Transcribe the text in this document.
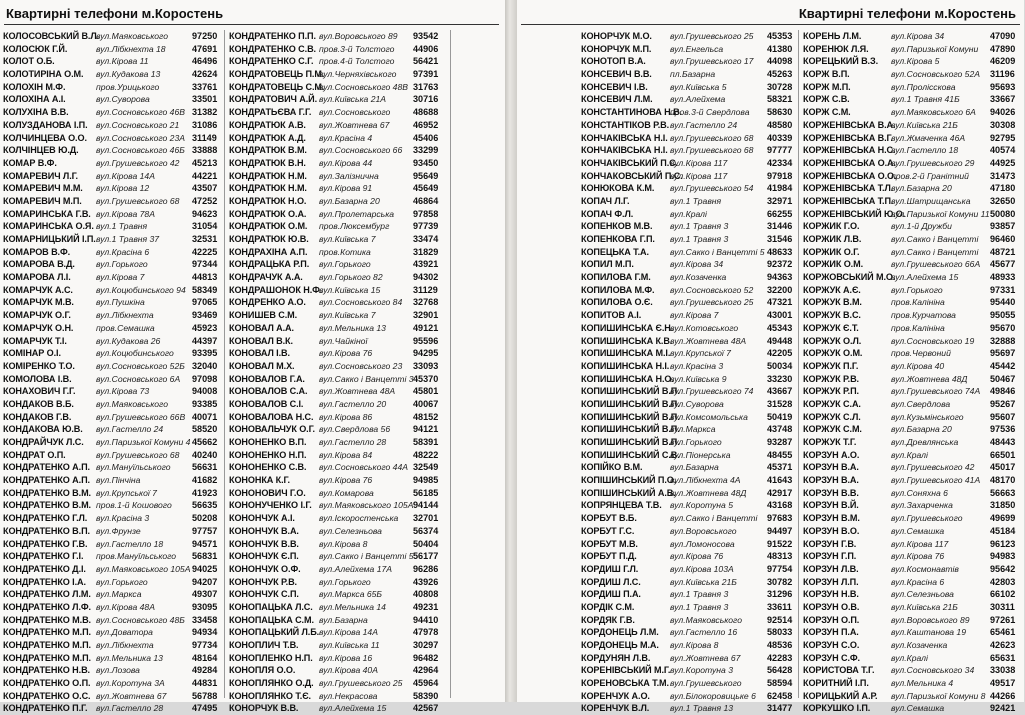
Квартирні телефони м.Коростень
КОЛОСОВСЬКИЙ В.Л.
вул.Маяковського	97250
КОЛОСЮК Г.Й.	вул.Лібкнехта 18	47691
КОЛОТ О.Б.	вул.Кірова 11	46496
КОЛОТИРІНА О.М. вул.Кудакова 13	42624
КОЛОХІН М.Ф.	пров.Урицького	33761
КОЛОХІНА А.І.	вул.Суворова	33501
КОЛУХІНА В.В.	вул.Сосновського 46В 31382
КОЛУЗДАНОВА І.П. вул.Сосновського 21 31086
КОЛЧИНЦЕВА О.О. вул.Сосновського 23А 31149
КОЛЧІНЦЕВ Ю.Д. вул.Сосновського 46Б 33888
КОМАР В.Ф.	вул.Грушевського 42 45213
КОМАРЕВИЧ Л.Г. вул.Кірова 14А	44221
КОМАРЕВИЧ М.М. вул.Кірова 12	43507
КОМАРЕВИЧ М.П. вул.Грушевського 68 47252
КОМАРИНСЬКА Г.В. вул.Кірова 78А	94623
КОМАРИНСЬКА О.Я. вул.1 Травня	31054
КОМАРНИЦЬКИЙ І.П. вул.1 Травня 37	32531
КОМАРОВ В.Ф.	вул.Красіна 6	42225
КОМАРОВА В.Д. вул.Горького	97344
КОМАРОВА Л.І.	вул.Кірова 7	44813
КОМАРЧУК А.С.	вул.Коцюбинського 94 58349
КОМАРЧУК М.В.	вул.Пушкіна	97065
КОМАРЧУК О.Г.	вул.Лібкнехта	93469
КОМАРЧУК О.Н.	пров.Семашка	45923
КОМАРЧУК Т.І.	вул.Кудакова 26	44397
КОМІНАР О.І.	вул.Коцюбинського 93395
КОМІРЕНКО Т.О. вул.Сосновського 52Б 32040
КОМОЛОВА І.В.	вул.Сосновського 6А 97098
КОНАХОВИЧ Г.Г. вул.Кірова 73	94008
КОНДАКОВ В.Б.	вул.Маяковського	93385
КОНДАКОВ Г.В.	вул.Грушевського 66В 40071
КОНДАКОВА Ю.В. вул.Гастелло 24	58520
КОНДРАЙЧУК Л.С. вул.Паризької Комуни 4 45662
КОНДРАТ О.П.	вул.Грушевського 68 40240
КОНДРАТЕНКО А.П. вул.Мануїльського 56631
КОНДРАТЕНКО А.П. вул.Пінчіна	41682
КОНДРАТЕНКО В.М. вул.Крупської 7	41923
КОНДРАТЕНКО В.М. пров.1-й Кошового 56635
КОНДРАТЕНКО Г.Л. вул.Красіна 3	50208
КОНДРАТЕНКО В.П. вул.Фрунзе	97757
КОНДРАТЕНКО Г.В. вул.Гастелло 18	94571
КОНДРАТЕНКО Г.І. пров.Мануїльського 56831
КОНДРАТЕНКО Д.І. вул.Маяковського 105А 94025
КОНДРАТЕНКО І.А. вул.Горького	94207
КОНДРАТЕНКО Л.М. вул.Маркса	49307
КОНДРАТЕНКО Л.Ф. вул.Кірова 48А	93095
КОНДРАТЕНКО М.В. вул.Сосновського 48Б 33458
КОНДРАТЕНКО М.П. вул.Доватора	94934
КОНДРАТЕНКО М.П. вул.Лібкнехта	97734
КОНДРАТЕНКО М.П. вул.Мельника 13	48164
КОНДРАТЕНКО Н.В. вул.Лозова	49284
КОНДРАТЕНКО О.П. вул.Коротуна 3А	44831
КОНДРАТЕНКО О.С. вул.Жовтнева 67	56788
КОНДРАТЕНКО П.Г. вул.Гастелло 28	47495
КОНДРАТЕНКО П.П. вул.Воровського 89 93542
КОНДРАТЕНКО С.В. пров.3-й Толстого 44906
КОНДРАТЕНКО С.Г. пров.4-й Толстого 56421
КОНДРАТОВЕЦЬ П.М.
вул.Черняхівського 97391
КОНДРАТОВЕЦЬ С.М.
вул.Сосновського 48В 31763
КОНДРАТОВИЧ А.Й. вул.Київська 21А	30716
КОНДРАТЬЄВА Г.Г. вул.Сосновського 48688
КОНДРАТЮК А.В. вул.Жовтнева 67	46952
КОНДРАТЮК А.Д. вул.Красіна 4	45406
КОНДРАТЮК В.М. вул.Сосновського 66 33299
КОНДРАТЮК В.Н. вул.Кірова 44	93450
КОНДРАТЮК Н.М. вул.Залізнична	95649
КОНДРАТЮК Н.М. вул.Кірова 91	45649
КОНДРАТЮК Н.О. вул.Базарна 20	46864
КОНДРАТЮК О.А. вул.Пролетарська 97858
КОНДРАТЮК О.М. пров.Люксембург	97739
КОНДРАТЮК Ю.В. вул.Київська 7	33474
КОНДРАХІНА А.П. пров.Котика	31829
КОНДРАЦЬКА Р.П. вул.Горького	43921
КОНДРАЧУК А.А. вул.Горького 82	94302
КОНДРАШОНОК Н.Ф.
вул.Київська 15	31129
КОНДРЕНКО А.О. вул.Сосновського 84 32768
КОНИШЕВ С.М.	вул.Київська 7	32901
КОНОВАЛ А.А.	вул.Мельника 13	49121
КОНОВАЛ В.К.	вул.Чайкіної	95596
КОНОВАЛ І.В.	вул.Кірова 76	94295
КОНОВАЛ М.Х.	вул.Сосновського 23 33093
КОНОВАЛОВ Г.А. вул.Сакко і Ванцетті 3 45370
КОНОВАЛОВ С.А. вул.Жовтнева 48А 45801
КОНОВАЛОВ С.І. вул.Гастелло 20	40067
КОНОВАЛОВА Н.С. вул.Кірова 86	48152
КОНОВАЛЬЧУК О.Г. вул.Свердлова 56	94121
КОНОНЕНКО В.П. вул.Гастелло 28	58391
КОНОНЕНКО Н.П. вул.Кірова 84	48222
КОНОНЕНКО С.В. вул.Сосновського 44А 32549
КОНОНКА К.Г.	вул.Кірова 76	94985
КОНОНОВИЧ Г.О. вул.Комарова	56185
КОНОНУЧЕНКО І.Г. вул.Маяковського 105А 94144
КОНОНЧУК А.І.	вул.Іскоростенська 32701
КОНОНЧУК В.А. вул.Селезньова	56374
КОНОНЧУК В.В. вул.Кірова 8	50404
КОНОНЧУК Є.П. вул.Сакко і Ванцетті 5 56177
КОНОНЧУК О.Ф. вул.Алейхема 17А 96286
КОНОНЧУК Р.В.	вул.Горького	43926
КОНОНЧУК С.П. вул.Маркса 65Б	40808
КОНОПАЦЬКА Л.С. вул.Мельника 14	49231
КОНОПАЦЬКА С.М. вул.Базарна	94410
КОНОПАЦЬКИЙ Л.Б. вул.Кірова 14А	47978
КОНОПЛИЧ Т.В. вул.Київська 11	30297
КОНОПЛЕНКО Н.П. вул.Кірова 16	96482
КОНОПЛЯ О.О.	вул.Кірова 40А	42964
КОНОПЛЯНКО О.Д. вул.Грушевського 25 45964
КОНОПЛЯНКО Т.Є. вул.Некрасова	58390
КОНОРЧУК В.В. вул.Алейхема 15	42567
Квартирні телефони м.Коростень
КОНОРЧУК М.О. вул.Грушевського 25 45353
КОНОРЧУК М.П. вул.Енгельса	41380
КОНОТОП В.А.	вул.Грушевського 17 44098
КОНСЕВИЧ В.В. пл.Базарна	45263
КОНСЕВИЧ І.В.	вул.Київська 5	30728
КОНСЕВИЧ Л.М. вул.Алейхема	58321
КОНСТАНТИНОВА Н.В.
пров.3-й Свердлова 58630
КОНСТАНТІКОВ Р.В. вул.Гастелло 24	48580
КОНЧАКІВСЬКА Н.І. вул.Грушевського 68 40339
КОНЧАКІВСЬКА Н.І. вул.Грушевського 68 97777
КОНЧАКІВСЬКИЙ П.С.
вул.Кірова 117	42334
КОНЧАКОВСЬКИЙ П.С.
вул.Кірова 117	97918
КОНЮКОВА К.М. вул.Грушевського 54 41984
КОПАЧ Л.Г.	вул.1 Травня	32971
КОПАЧ Ф.Л.	вул.Кралі	66255
КОПЕНКОВ М.В. вул.1 Травня 3	31446
КОПЕНКОВА Г.П. вул.1 Травня 3	31546
КОПЕЦЬКА Т.А. вул.Сакко і Ванцетті 5 48633
КОПИЛ М.П.	вул.Кірова 34	92372
КОПИЛОВА Г.М. вул.Козаченка	94363
КОПИЛОВА М.Ф. вул.Сосновського 52 32200
КОПИЛОВА О.Є. вул.Грушевського 25 47321
КОПИТОВ А.І.	вул.Кірова 7	43001
КОПИШИНСЬКА Є.Н.
вул.Котовського	45343
КОПИШИНСЬКА К.В.
вул.Жовтнева 48А 49448
КОПИШИНСЬКА М.І. вул.Крупської 7	42205
КОПИШИНСЬКА Н.І. вул.Красіна 3	50034
КОПИШИНСЬКА Н.О.
вул.Київська 9	33230
КОПИШИНСЬКИЙ В.П.
вул.Грушевського 74 43667
КОПИШИНСЬКИЙ В.П.
вул.Суворова	31528
КОПИШИНСЬКИЙ В.П.
вул.Комсомольська 50419
КОПИШИНСЬКИЙ В.П.
вул.Маркса	43748
КОПИШИНСЬКИЙ В.П.
вул.Горького	93287
КОПИШИНСЬКИЙ С.В.
вул.Піонерська	48455
КОПІЙКО В.М.	вул.Базарна	45371
КОПІШИНСЬКИЙ П.О.
вул.Лібкнехта 4А	41643
КОПІШИНСЬКИЙ А.В.
вул.Жовтнева 48Д 42917
КОПРЯНЦЕВА Т.В. вул.Коротуна 5	43168
КОРБУТ В.Б.	вул.Сакко і Ванцетті 97683
КОРБУТ Г.С.	вул.Воровського	94497
КОРБУТ М.В.	вул.Ломоносова	91522
КОРБУТ П.Д.	вул.Кірова 76	48313
КОРДИШ Г.Л.	вул.Кірова 103А	97754
КОРДИШ Л.С.	вул.Київська 21Б	30782
КОРДИШ П.А.	вул.1 Травня 3	31296
КОРДІК С.М.	вул.1 Травня 3	33611
КОРДЯК Г.В.	вул.Маяковського	92514
КОРДОНЕЦЬ Л.М. вул.Гастелло 16	58033
КОРДОНЕЦЬ М.А. вул.Кірова 8	48536
КОРДУНЯН Л.В. вул.Жовтнева 67	42283
КОРЕНІВСЬКИЙ М.Г. вул.Коротуна 3	56428
КОРЕНОВСЬКА Т.М. вул.Грушевського	58594
КОРЕНЧУК А.О. вул.Білокоровицьке 6 62458
КОРЕНЧУК В.Л. вул.1 Травня 13	31477
КОРЕНЬ Л.М.	вул.Кірова 34	47090
КОРЕНЮК Л.Я.	вул.Паризької Комуни 47890
КОРЕЦЬКИЙ В.З. вул.Кірова 5	46209
КОРЖ В.П.	вул.Сосновського 52А 31196
КОРЖ М.П.	вул.Пролісскова	95693
КОРЖ С.В.	вул.1 Травня 41Б	33667
КОРЖ С.М.	вул.Маяковського 6А 94026
КОРЖЕНІВСЬКА В.А.
вул.Київська 21Б	30308
КОРЖЕНІВСЬКА В.Г.
вул.Жмаченка 46А	92795
КОРЖЕНІВСЬКА Н.С.
вул.Гастелло 18	40574
КОРЖЕНІВСЬКА О.А.
вул.Грушевського 29 44925
КОРЖЕНІВСЬКА О.О.
пров.2-й Гранітний 31473
КОРЖЕНІВСЬКА Т.Л.
вул.Базарна 20	47180
КОРЖЕНІВСЬКА Т.П.
вул.Шатрищанська 32650
КОРЖЕНІВСЬКИЙ Ю.О.
вул.Паризької Комуни 11 50080
КОРЖИК Г.О.	вул.1-й Дружби	93857
КОРЖИК Л.В.	вул.Сакко і Ванцетті 96460
КОРЖИК О.Г.	вул.Сакко і Ванцетті 48721
КОРЖИК О.М.	вул.Грушевського 66А 45677
КОРЖОВСЬКИЙ М.О.
вул.Алейхема 15	48933
КОРЖУК А.Є.	вул.Горького	97331
КОРЖУК В.М.	пров.Калініна	95440
КОРЖУК В.С.	пров.Курчатова	95055
КОРЖУК Є.Т.	пров.Калініна	95670
КОРЖУК О.Л.	вул.Сосновського 19 32888
КОРЖУК О.М.	пров.Червоний	95697
КОРЖУК П.Г.	вул.Кірова 40	45442
КОРЖУК Р.В.	вул.Жовтнева 48Д 50467
КОРЖУК Р.П.	вул.Грушевського 74А 49846
КОРЖУК С.А.	вул.Свердлова	95267
КОРЖУК С.Л.	вул.Кузьмінського	95607
КОРЖУК С.М.	вул.Базарна 20	97536
КОРЖУК Т.Г.	вул.Древлянська	48443
КОРЗУН А.О.	вул.Кралі	66501
КОРЗУН В.А.	вул.Грушевського 42 45017
КОРЗУН В.А.	вул.Грушевського 41А 48170
КОРЗУН В.В.	вул.Соняхна 6	56663
КОРЗУН В.Й.	вул.Захарченка	31850
КОРЗУН В.М.	вул.Грушевського	49699
КОРЗУН В.О.	вул.Семашка	45184
КОРЗУН Г.В.	вул.Кірова 117	96123
КОРЗУН Г.П.	вул.Кірова 76	94983
КОРЗУН Л.В.	вул.Космонавтів	95642
КОРЗУН Л.П.	вул.Красіна 6	42803
КОРЗУН Н.В.	вул.Селезньова	66102
КОРЗУН О.В.	вул.Київська 21Б	30311
КОРЗУН О.П.	вул.Воровського 89 97261
КОРЗУН П.А.	вул.Каштанова 19	65461
КОРЗУН С.О.	вул.Козаченка	42623
КОРЗУН С.Ф.	вул.Кралі	65631
КОРИСТОВА Т.Г. вул.Сосновського 34 33038
КОРИТНИЙ І.П.	вул.Мельника 4	49517
КОРИЦЬКИЙ А.Р. вул.Паризької Комуни 8 44266
КОРКУШКО І.П. вул.Семашка	92421
